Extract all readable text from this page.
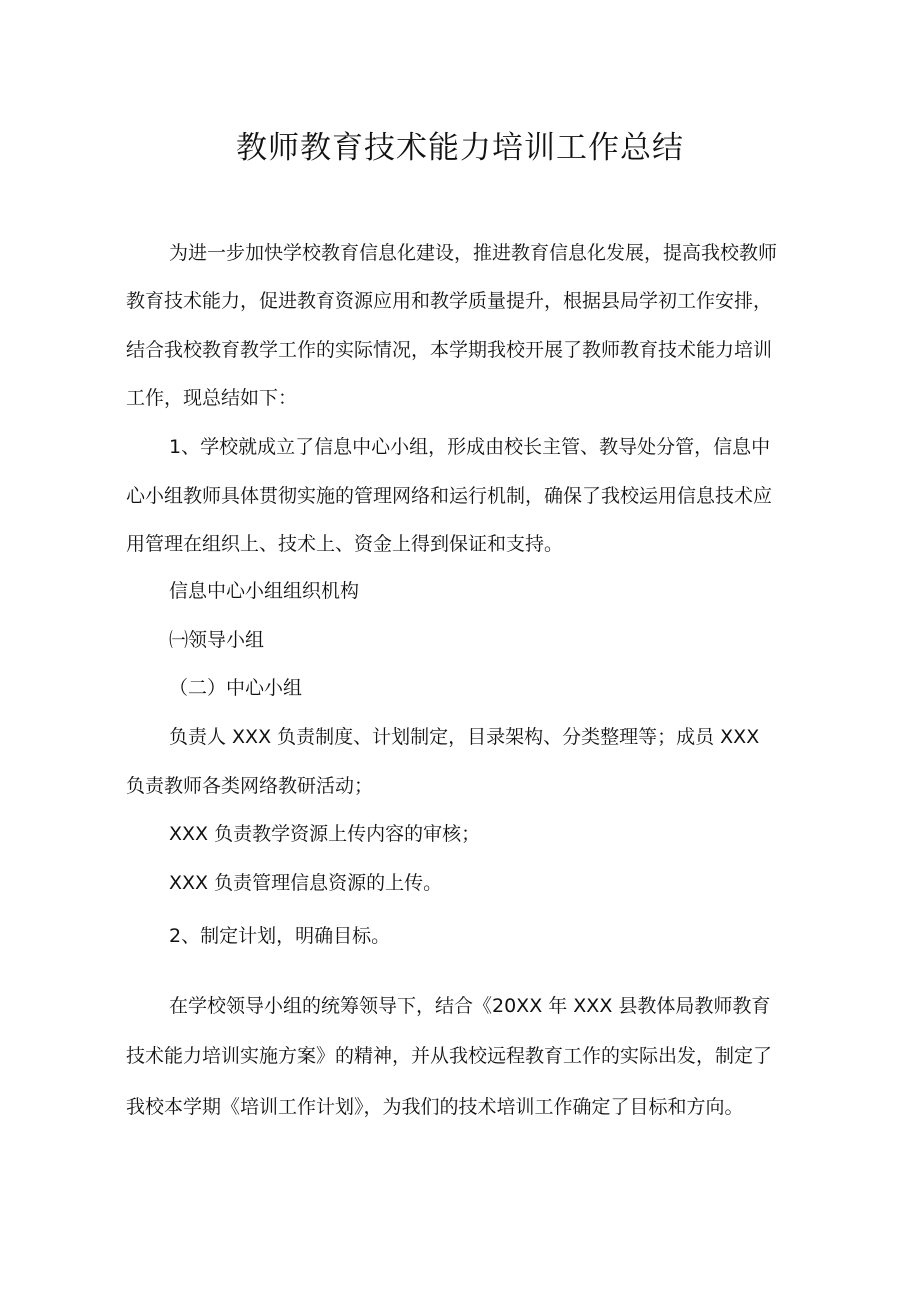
教师教育技术能力培训工作总结

为进一步加快学校教育信息化建设，推进教育信息化发展，提高我校教师

教育技术能力，促进教育资源应用和教学质量提升，根据县局学初工作安排，

结合我校教育教学工作的实际情况，本学期我校开展了教师教育技术能力培训

工作，现总结如下：

1、学校就成立了信息中心小组，形成由校长主管、教导处分管，信息中

心小组教师具体贯彻实施的管理网络和运行机制，确保了我校运用信息技术应

用管理在组织上、技术上、资金上得到保证和支持。

信息中心小组组织机构

㈠领导小组

（二）中心小组

负责人 XXX 负责制度、计划制定，目录架构、分类整理等；成员 XXX

负责教师各类网络教研活动；

XXX 负责教学资源上传内容的审核；

XXX 负责管理信息资源的上传。

2、制定计划，明确目标。

在学校领导小组的统筹领导下，结合《20XX 年 XXX 县教体局教师教育

技术能力培训实施方案》的精神，并从我校远程教育工作的实际出发，制定了

我校本学期《培训工作计划》，为我们的技术培训工作确定了目标和方向。
